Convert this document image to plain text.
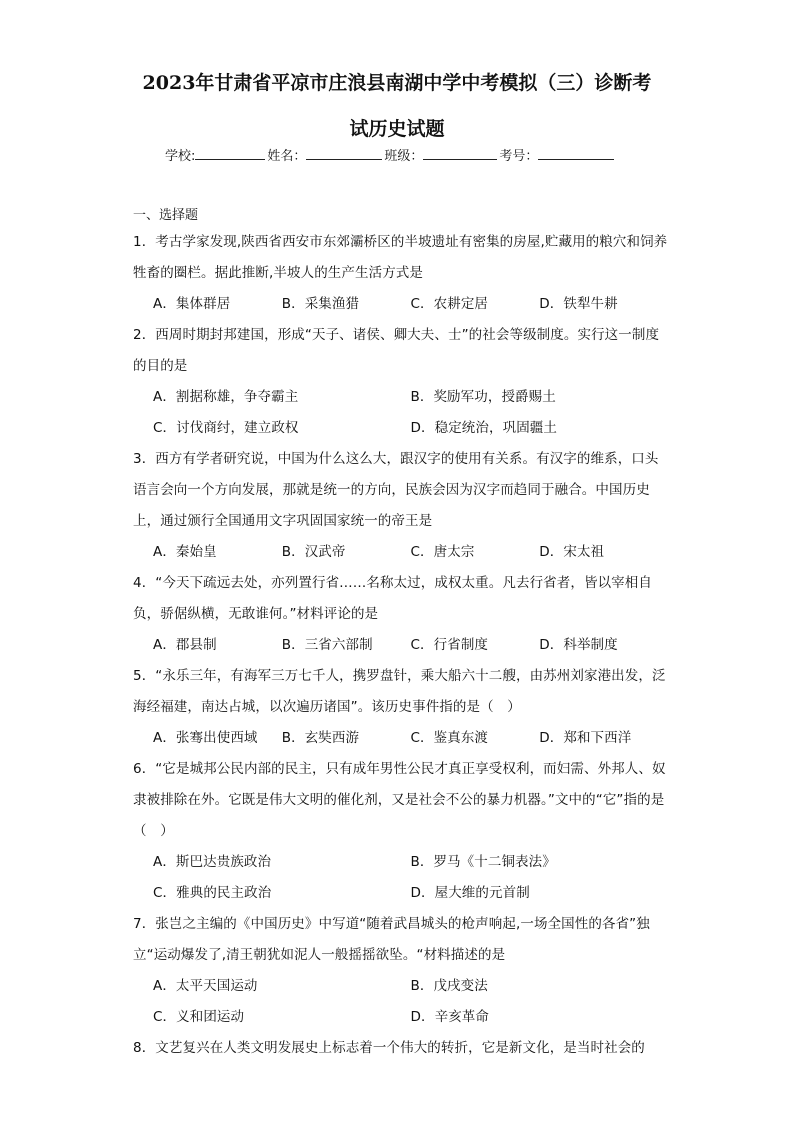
2023年甘肃省平凉市庄浪县南湖中学中考模拟（三）诊断考
试历史试题
学校:	姓名：	班级：	考号：
一、选择题
1．考古学家发现,陕西省西安市东郊灞桥区的半坡遗址有密集的房屋,贮藏用的粮穴和饲养牲畜的圈栏。据此推断,半坡人的生产生活方式是
A．集体群居	B．采集渔猎	C．农耕定居	D．铁犁牛耕
2．西周时期封邦建国，形成“天子、诸侯、卿大夫、士”的社会等级制度。实行这一制度的目的是
A．割据称雄，争夺霸主	B．奖励军功，授爵赐土
C．讨伐商纣，建立政权	D．稳定统治，巩固疆土
3．西方有学者研究说，中国为什么这么大，跟汉字的使用有关系。有汉字的维系，口头语言会向一个方向发展，那就是统一的方向，民族会因为汉字而趋同于融合。中国历史上，通过颁行全国通用文字巩固国家统一的帝王是
A．秦始皇	B．汉武帝	C．唐太宗	D．宋太祖
4．“今天下疏远去处，亦列置行省……名称太过，成权太重。凡去行省者，皆以宰相自负，骄倨纵横，无敢谁何。”材料评论的是
A．郡县制	B．三省六部制	C．行省制度	D．科举制度
5．“永乐三年，有海军三万七千人，携罗盘针，乘大船六十二艘，由苏州刘家港出发，泛海经福建，南达占城，以次遍历诸国”。该历史事件指的是（　）
A．张骞出使西域	B．玄奘西游	C．鉴真东渡	D．郑和下西洋
6．“它是城邦公民内部的民主，只有成年男性公民才真正享受权利，而妇需、外邦人、奴隶被排除在外。它既是伟大文明的催化剂，又是社会不公的暴力机器。”文中的“它”指的是（　）
A．斯巴达贵族政治	B．罗马《十二铜表法》
C．雅典的民主政治	D．屋大维的元首制
7．张岂之主编的《中国历史》中写道“随着武昌城头的枪声响起,一场全国性的各省”独立“运动爆发了,清王朝犹如泥人一般摇摇欲坠。“材料描述的是
A．太平天国运动	B．戊戌变法
C．义和团运动	D．辛亥革命
8．文艺复兴在人类文明发展史上标志着一个伟大的转折，它是新文化，是当时社会的
